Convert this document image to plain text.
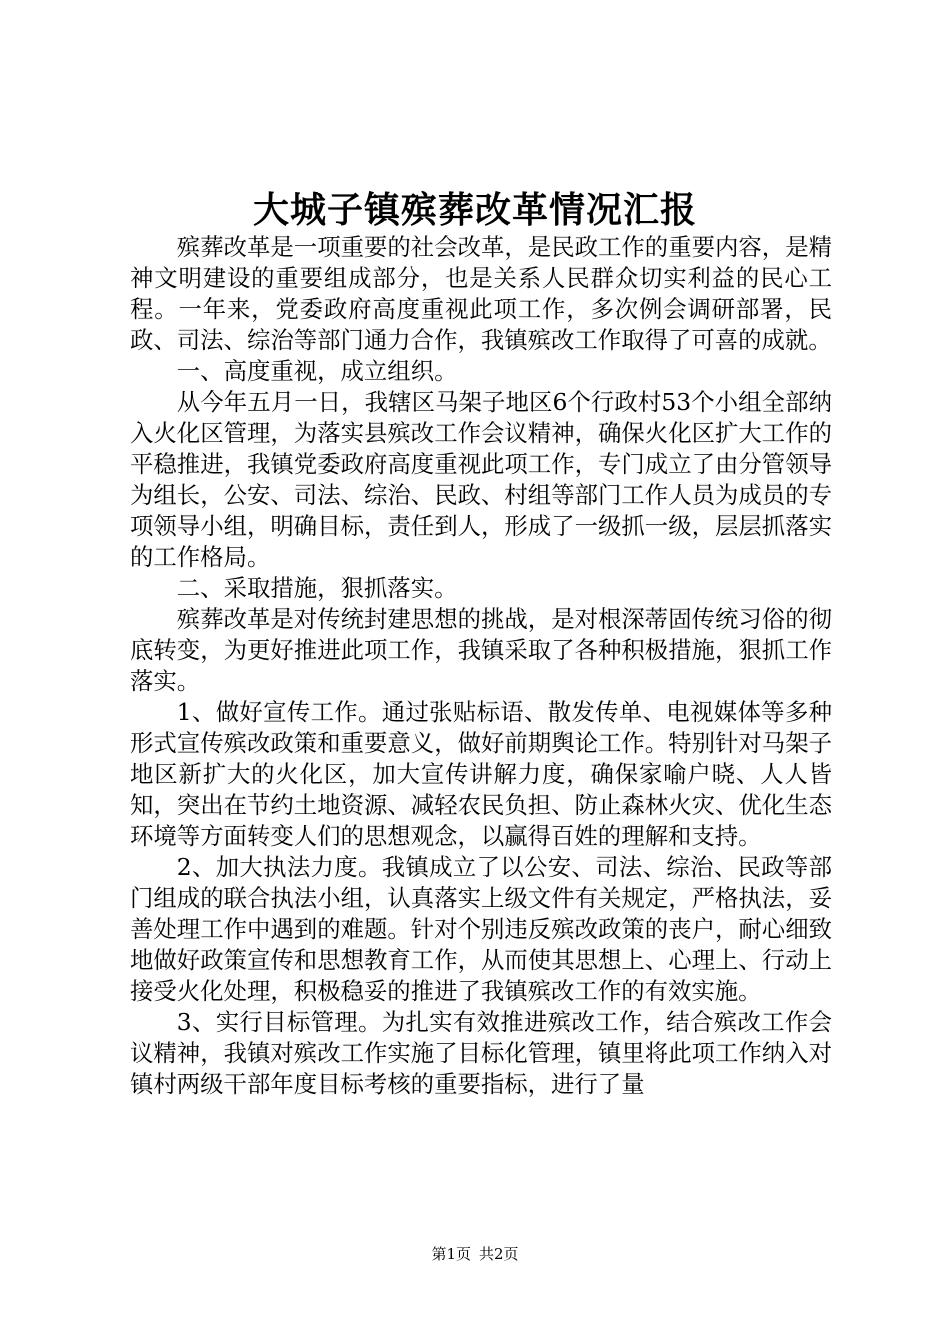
大城子镇殡葬改革情况汇报

殡葬改革是一项重要的社会改革，是民政工作的重要内容，是精神文明建设的重要组成部分，也是关系人民群众切实利益的民心工程。一年来，党委政府高度重视此项工作，多次例会调研部署，民政、司法、综治等部门通力合作，我镇殡改工作取得了可喜的成就。

一、高度重视，成立组织。

从今年五月一日，我辖区马架子地区6个行政村53个小组全部纳入火化区管理，为落实县殡改工作会议精神，确保火化区扩大工作的平稳推进，我镇党委政府高度重视此项工作，专门成立了由分管领导为组长，公安、司法、综治、民政、村组等部门工作人员为成员的专项领导小组，明确目标，责任到人，形成了一级抓一级，层层抓落实的工作格局。

二、采取措施，狠抓落实。

殡葬改革是对传统封建思想的挑战，是对根深蒂固传统习俗的彻底转变，为更好推进此项工作，我镇采取了各种积极措施，狠抓工作落实。

1、做好宣传工作。通过张贴标语、散发传单、电视媒体等多种形式宣传殡改政策和重要意义，做好前期舆论工作。特别针对马架子地区新扩大的火化区，加大宣传讲解力度，确保家喻户晓、人人皆知，突出在节约土地资源、减轻农民负担、防止森林火灾、优化生态环境等方面转变人们的思想观念，以赢得百姓的理解和支持。

2、加大执法力度。我镇成立了以公安、司法、综治、民政等部门组成的联合执法小组，认真落实上级文件有关规定，严格执法，妥善处理工作中遇到的难题。针对个别违反殡改政策的丧户，耐心细致地做好政策宣传和思想教育工作，从而使其思想上、心理上、行动上接受火化处理，积极稳妥的推进了我镇殡改工作的有效实施。

3、实行目标管理。为扎实有效推进殡改工作，结合殡改工作会议精神，我镇对殡改工作实施了目标化管理，镇里将此项工作纳入对镇村两级干部年度目标考核的重要指标，进行了量

第1页 共2页
